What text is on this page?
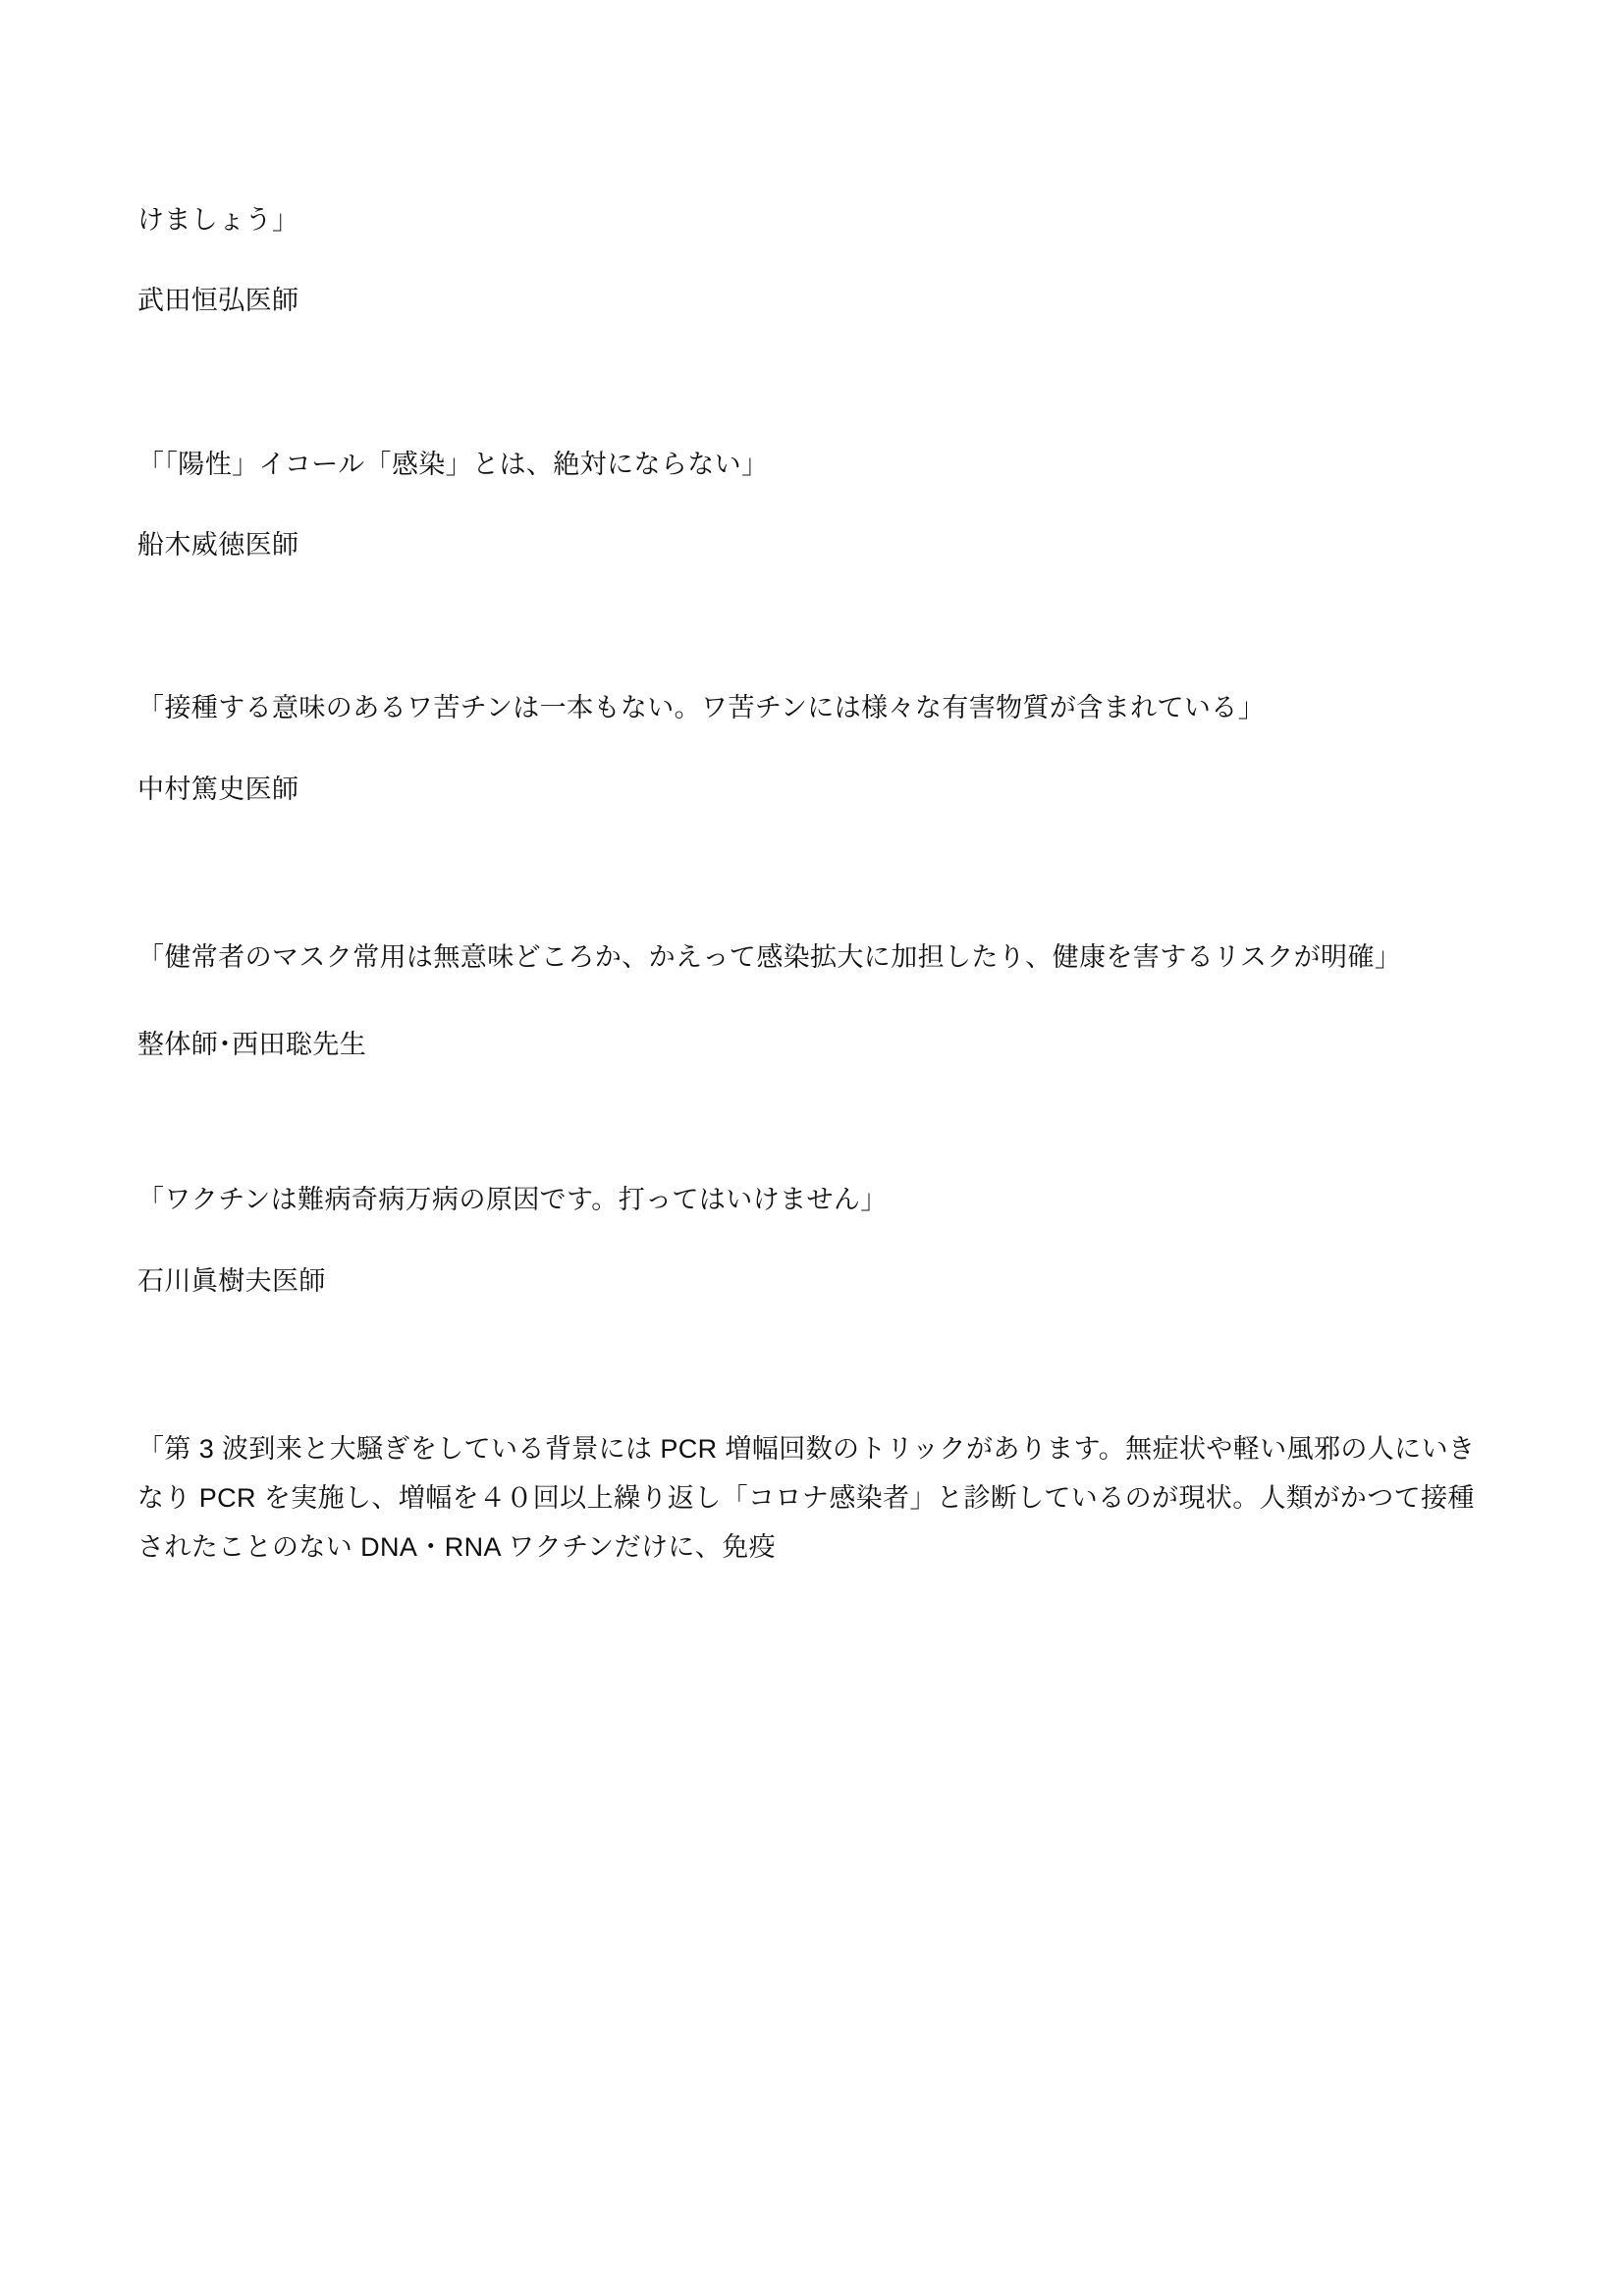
けましょう」

武田恒弘医師

「「陽性」イコール「感染」とは、絶対にならない」

船木威徳医師

「接種する意味のあるワ苦チンは一本もない。ワ苦チンには様々な有害物質が含まれている」

中村篤史医師

「健常者のマスク常用は無意味どころか、かえって感染拡大に加担したり、健康を害するリスクが明確」

整体師･西田聡先生

「ワクチンは難病奇病万病の原因です。打ってはいけません」

石川眞樹夫医師

「第 3 波到来と大騒ぎをしている背景には PCR 増幅回数のトリックがあります。無症状や軽い風邪の人にいきなり PCR を実施し、増幅を４０回以上繰り返し「コロナ感染者」と診断しているのが現状。人類がかつて接種されたことのない DNA・RNA ワクチンだけに、免疫
